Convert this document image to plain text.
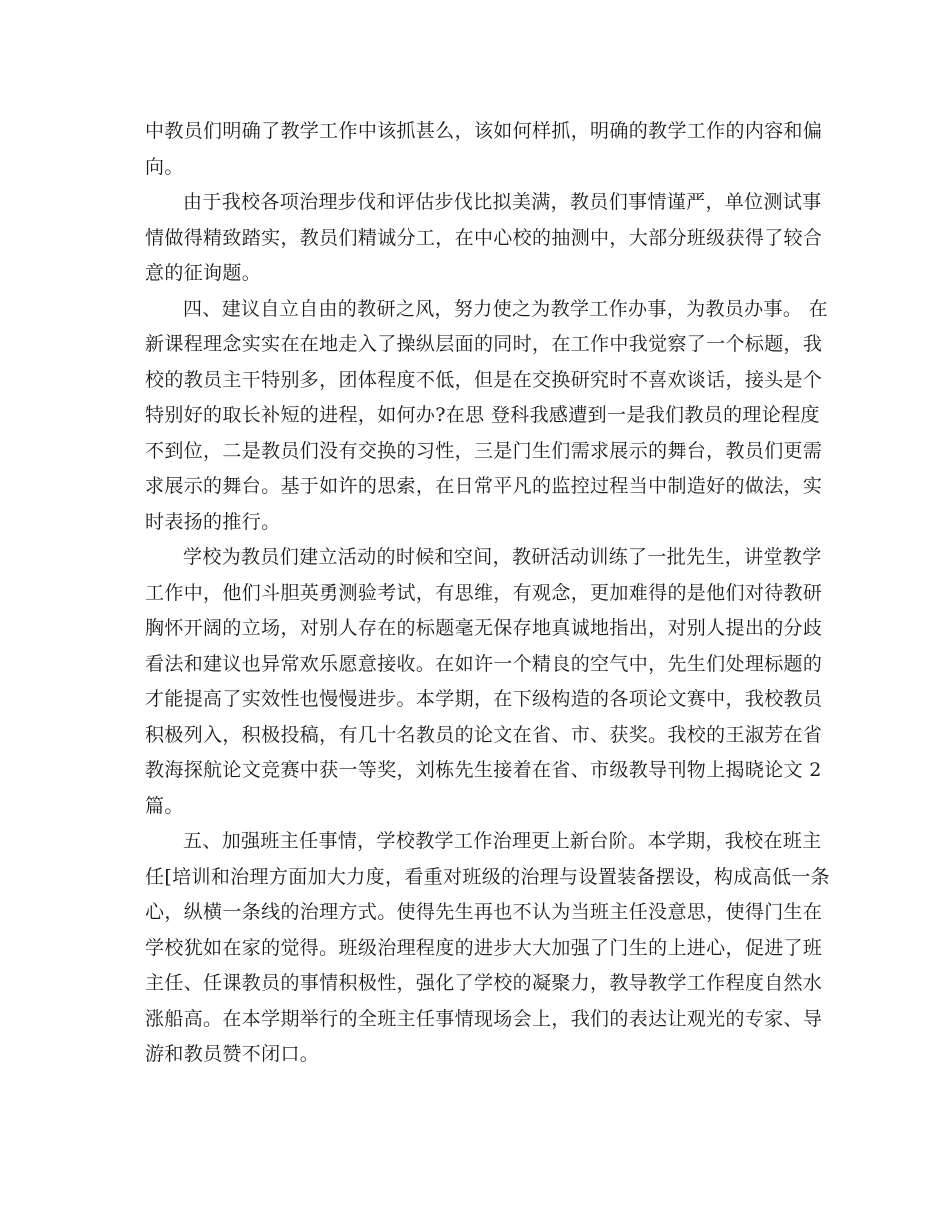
中教员们明确了教学工作中该抓甚么，该如何样抓，明确的教学工作的内容和偏
向。
由于我校各项治理步伐和评估步伐比拟美满，教员们事情谨严，单位测试事
情做得精致踏实，教员们精诚分工，在中心校的抽测中，大部分班级获得了较合
意的征询题。
四、建议自立自由的教研之风，努力使之为教学工作办事，为教员办事。 在
新课程理念实实在在地走入了操纵层面的同时，在工作中我觉察了一个标题，我
校的教员主干特别多，团体程度不低，但是在交换研究时不喜欢谈话，接头是个
特别好的取长补短的进程，如何办?在思 登科我感遭到一是我们教员的理论程度
不到位，二是教员们没有交换的习性，三是门生们需求展示的舞台，教员们更需
求展示的舞台。基于如许的思索，在日常平凡的监控过程当中制造好的做法，实
时表扬的推行。
学校为教员们建立活动的时候和空间，教研活动训练了一批先生，讲堂教学
工作中，他们斗胆英勇测验考试，有思维，有观念，更加难得的是他们对待教研
胸怀开阔的立场，对别人存在的标题毫无保存地真诚地指出，对别人提出的分歧
看法和建议也异常欢乐愿意接收。在如许一个精良的空气中，先生们处理标题的
才能提高了实效性也慢慢进步。本学期，在下级构造的各项论文赛中，我校教员
积极列入，积极投稿，有几十名教员的论文在省、市、获奖。我校的王淑芳在省
教海探航论文竞赛中获一等奖，刘栋先生接着在省、市级教导刊物上揭晓论文 2
篇。
五、加强班主任事情，学校教学工作治理更上新台阶。本学期，我校在班主
任[培训和治理方面加大力度，看重对班级的治理与设置装备摆设，构成高低一条
心，纵横一条线的治理方式。使得先生再也不认为当班主任没意思，使得门生在
学校犹如在家的觉得。班级治理程度的进步大大加强了门生的上进心，促进了班
主任、任课教员的事情积极性，强化了学校的凝聚力，教导教学工作程度自然水
涨船高。在本学期举行的全班主任事情现场会上，我们的表达让观光的专家、导
游和教员赞不闭口。
